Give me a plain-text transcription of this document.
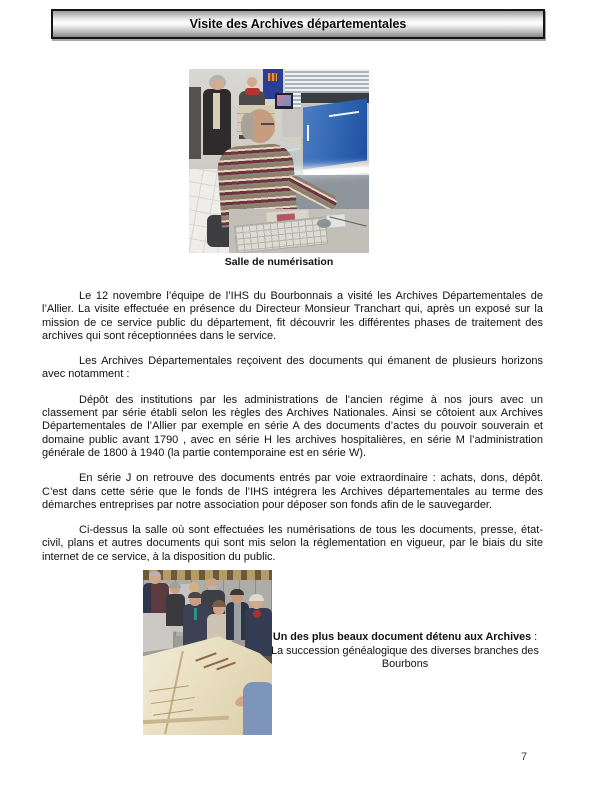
Visite des Archives départementales
Salle de numérisation

Le 12 novembre l’équipe de l’IHS du Bourbonnais a visité les Archives Départementales de l’Allier. La visite effectuée en présence du Directeur Monsieur Tranchart qui, après un exposé sur la mission de ce service public du département, fit découvrir les différentes phases de traitement des archives qui sont réceptionnées dans le service.

Les Archives Départementales reçoivent des documents qui émanent de plusieurs horizons avec notamment :

Dépôt des institutions par les administrations de l’ancien régime à nos jours avec un classement par série établi selon les règles des Archives Nationales. Ainsi se côtoient aux Archives Départementales de l’Allier par exemple en série A des documents d’actes du pouvoir souverain et domaine public avant 1790 , avec en série H les archives hospitalières, en série M l’administration générale de 1800 à 1940 (la partie contemporaine est en série W).

En série J on retrouve des documents entrés par voie extraordinaire : achats, dons, dépôt. C’est dans cette série que le fonds de l’IHS intégrera les Archives départementales au terme des démarches entreprises par notre association pour déposer son fonds afin de le sauvegarder.

Ci-dessus la salle où sont effectuées les numérisations de tous les documents, presse, état-civil, plans et autres documents qui sont mis selon la réglementation en vigueur, par le biais du site internet de ce service, à la disposition du public.

Un des plus beaux document détenu aux Archives :
La succession généalogique des diverses branches des Bourbons
7
